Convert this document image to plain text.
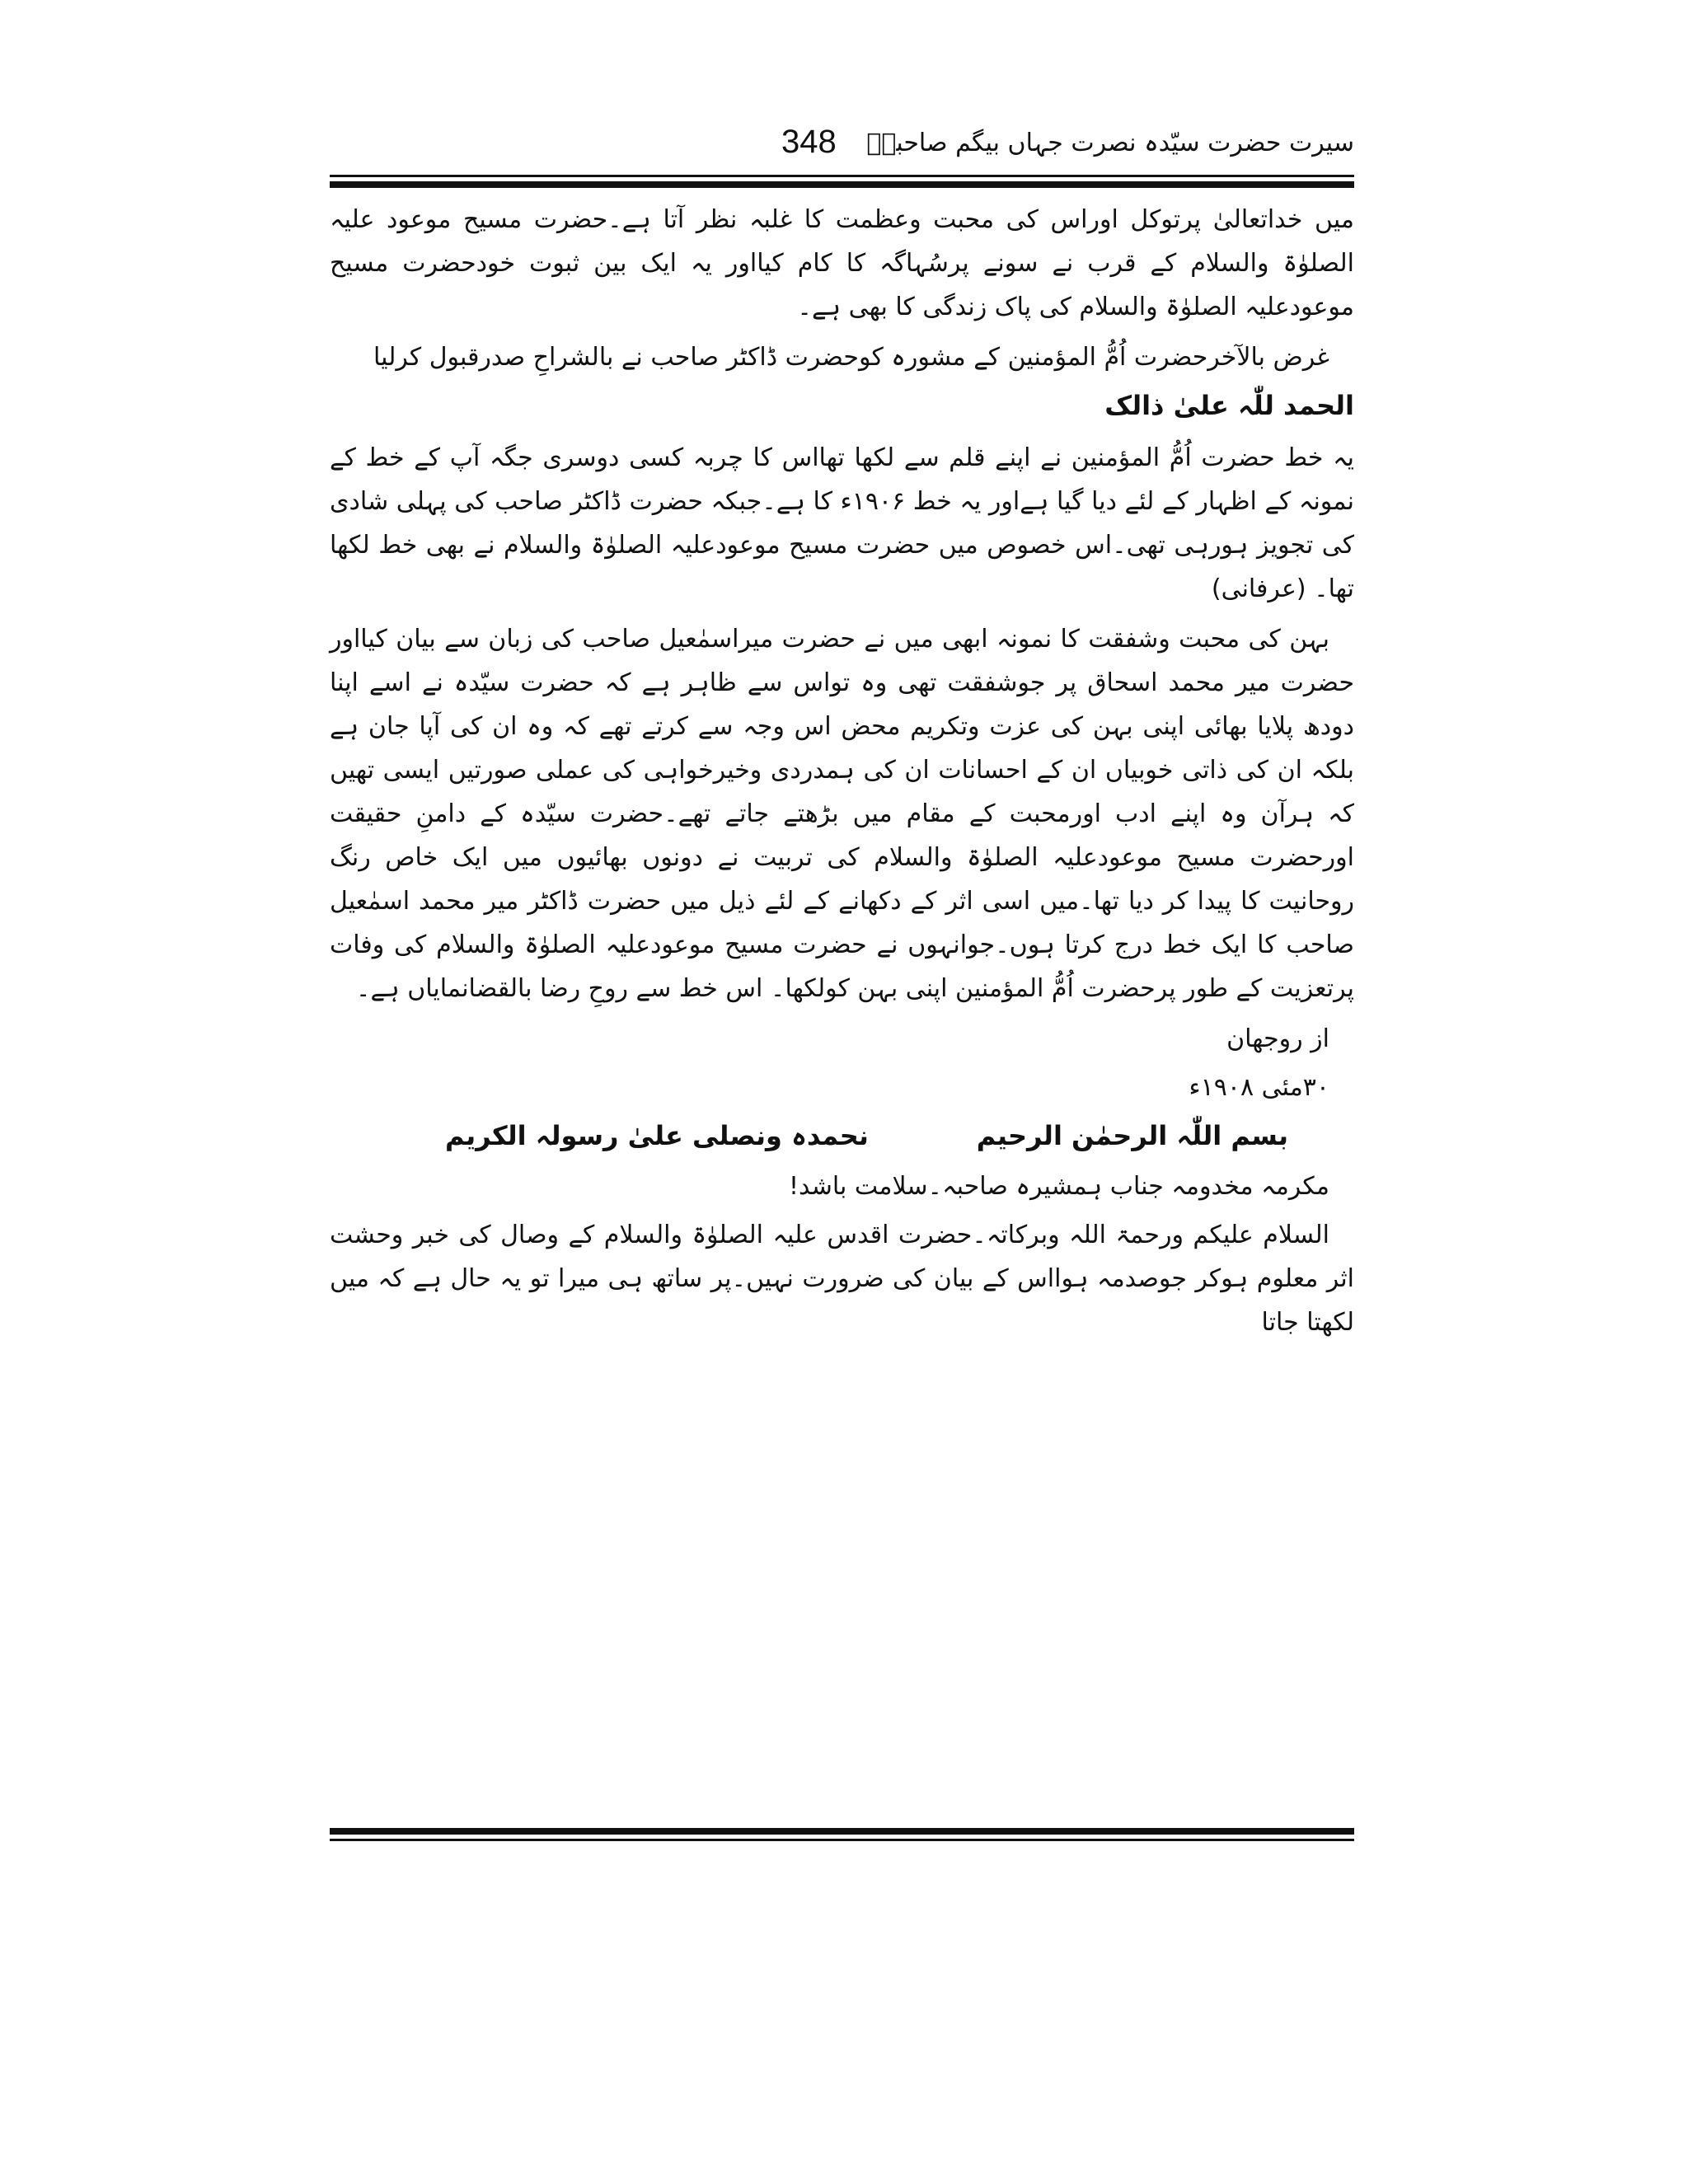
سیرت حضرت سیّدہ نصرت جہاں بیگم صاحبہؓ
348

میں خداتعالیٰ پرتوکل اوراس کی محبت وعظمت کا غلبہ نظر آتا ہے۔حضرت مسیح موعود علیہ الصلوٰۃ والسلام کے قرب نے سونے پرسُہاگہ کا کام کیااور یہ ایک بین ثبوت خودحضرت مسیح موعودعلیہ الصلوٰۃ والسلام کی پاک زندگی کا بھی ہے۔

غرض بالآخرحضرت اُمُّ المؤمنین کے مشورہ کوحضرت ڈاکٹر صاحب نے بالشراحِ صدرقبول کرلیا

الحمد للّٰہ علیٰ ذالک

یہ خط حضرت اُمُّ المؤمنین نے اپنے قلم سے لکھا تھااس کا چربہ کسی دوسری جگہ آپ کے خط کے نمونہ کے اظہار کے لئے دیا گیا ہےاور یہ خط ۱۹۰۶ء کا ہے۔جبکہ حضرت ڈاکٹر صاحب کی پہلی شادی کی تجویز ہورہی تھی۔اس خصوص میں حضرت مسیح موعودعلیہ الصلوٰۃ والسلام نے بھی خط لکھا تھا۔ (عرفانی)

بہن کی محبت وشفقت کا نمونہ ابھی میں نے حضرت میراسمٰعیل صاحب کی زبان سے بیان کیااور حضرت میر محمد اسحاق پر جوشفقت تھی وہ تواس سے ظاہر ہے کہ حضرت سیّدہ نے اسے اپنا دودھ پلایا بھائی اپنی بہن کی عزت وتکریم محض اس وجہ سے کرتے تھے کہ وہ ان کی آپا جان ہے بلکہ ان کی ذاتی خوبیاں ان کے احسانات ان کی ہمدردی وخیرخواہی کی عملی صورتیں ایسی تھیں کہ ہرآن وہ اپنے ادب اورمحبت کے مقام میں بڑھتے جاتے تھے۔حضرت سیّدہ کے دامنِ حقیقت اورحضرت مسیح موعودعلیہ الصلوٰۃ والسلام کی تربیت نے دونوں بھائیوں میں ایک خاص رنگ روحانیت کا پیدا کر دیا تھا۔میں اسی اثر کے دکھانے کے لئے ذیل میں حضرت ڈاکٹر میر محمد اسمٰعیل صاحب کا ایک خط درج کرتا ہوں۔جوانہوں نے حضرت مسیح موعودعلیہ الصلوٰۃ والسلام کی وفات پرتعزیت کے طور پرحضرت اُمُّ المؤمنین اپنی بہن کولکھا۔ اس خط سے روحِ رضا بالقضانمایاں ہے۔

از روجھان

۳۰مئی ۱۹۰۸ء

بسم اللّٰہ الرحمٰن الرحیم
نحمدہ ونصلی علیٰ رسولہ الکریم

مکرمہ مخدومہ جناب ہمشیرہ صاحبہ۔سلامت باشد!

السلام علیکم ورحمۃ اللہ وبرکاتہ۔حضرت اقدس علیہ الصلوٰۃ والسلام کے وصال کی خبر وحشت اثر معلوم ہوکر جوصدمہ ہوااس کے بیان کی ضرورت نہیں۔پر ساتھ ہی میرا تو یہ حال ہے کہ میں لکھتا جاتا
